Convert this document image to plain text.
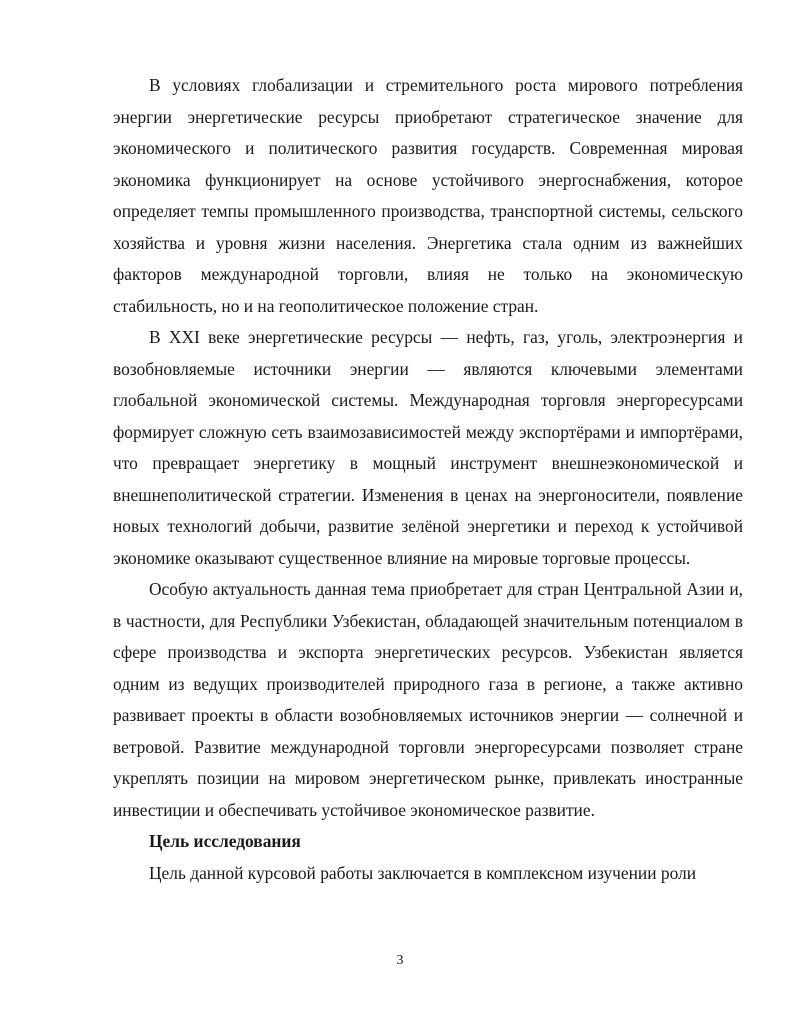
В условиях глобализации и стремительного роста мирового потребления энергии энергетические ресурсы приобретают стратегическое значение для экономического и политического развития государств. Современная мировая экономика функционирует на основе устойчивого энергоснабжения, которое определяет темпы промышленного производства, транспортной системы, сельского хозяйства и уровня жизни населения. Энергетика стала одним из важнейших факторов международной торговли, влияя не только на экономическую стабильность, но и на геополитическое положение стран.

В XXI веке энергетические ресурсы — нефть, газ, уголь, электроэнергия и возобновляемые источники энергии — являются ключевыми элементами глобальной экономической системы. Международная торговля энергоресурсами формирует сложную сеть взаимозависимостей между экспортёрами и импортёрами, что превращает энергетику в мощный инструмент внешнеэкономической и внешнеполитической стратегии. Изменения в ценах на энергоносители, появление новых технологий добычи, развитие зелёной энергетики и переход к устойчивой экономике оказывают существенное влияние на мировые торговые процессы.

Особую актуальность данная тема приобретает для стран Центральной Азии и, в частности, для Республики Узбекистан, обладающей значительным потенциалом в сфере производства и экспорта энергетических ресурсов. Узбекистан является одним из ведущих производителей природного газа в регионе, а также активно развивает проекты в области возобновляемых источников энергии — солнечной и ветровой. Развитие международной торговли энергоресурсами позволяет стране укреплять позиции на мировом энергетическом рынке, привлекать иностранные инвестиции и обеспечивать устойчивое экономическое развитие.

Цель исследования

Цель данной курсовой работы заключается в комплексном изучении роли

3
